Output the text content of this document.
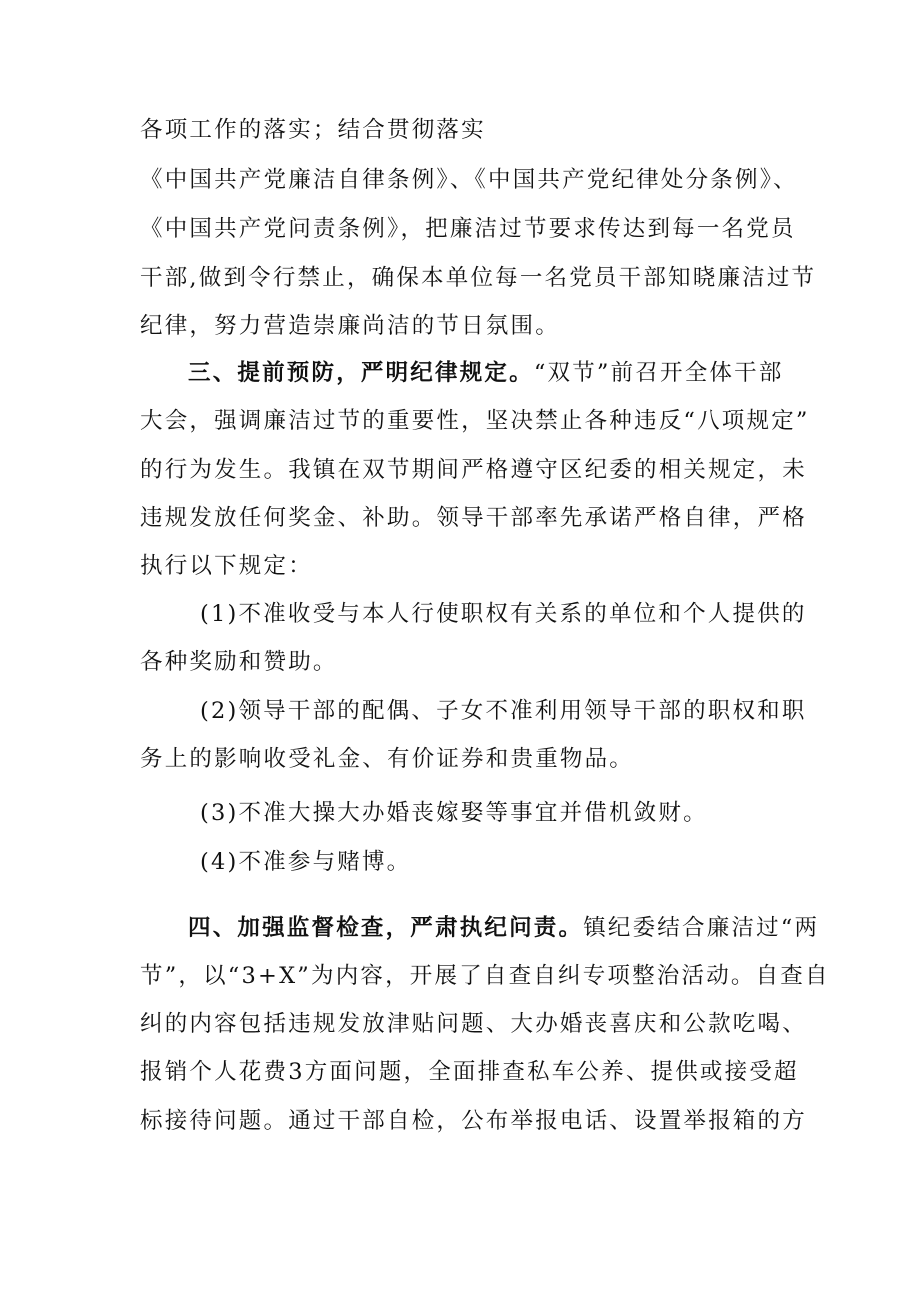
各项工作的落实；结合贯彻落实
《中国共产党廉洁自律条例》、《中国共产党纪律处分条例》、
《中国共产党问责条例》，把廉洁过节要求传达到每一名党员
干部,做到令行禁止，确保本单位每一名党员干部知晓廉洁过节
纪律，努力营造崇廉尚洁的节日氛围。
三、提前预防，严明纪律规定。“双节”前召开全体干部
大会，强调廉洁过节的重要性，坚决禁止各种违反“八项规定”
的行为发生。我镇在双节期间严格遵守区纪委的相关规定，未
违规发放任何奖金、补助。领导干部率先承诺严格自律，严格
执行以下规定：
(1)不准收受与本人行使职权有关系的单位和个人提供的
各种奖励和赞助。
(2)领导干部的配偶、子女不准利用领导干部的职权和职
务上的影响收受礼金、有价证券和贵重物品。
(3)不准大操大办婚丧嫁娶等事宜并借机敛财。
(4)不准参与赌博。
四、加强监督检查，严肃执纪问责。镇纪委结合廉洁过“两
节”，以“3+X”为内容，开展了自查自纠专项整治活动。自查自
纠的内容包括违规发放津贴问题、大办婚丧喜庆和公款吃喝、
报销个人花费3方面问题，全面排查私车公养、提供或接受超
标接待问题。通过干部自检，公布举报电话、设置举报箱的方
